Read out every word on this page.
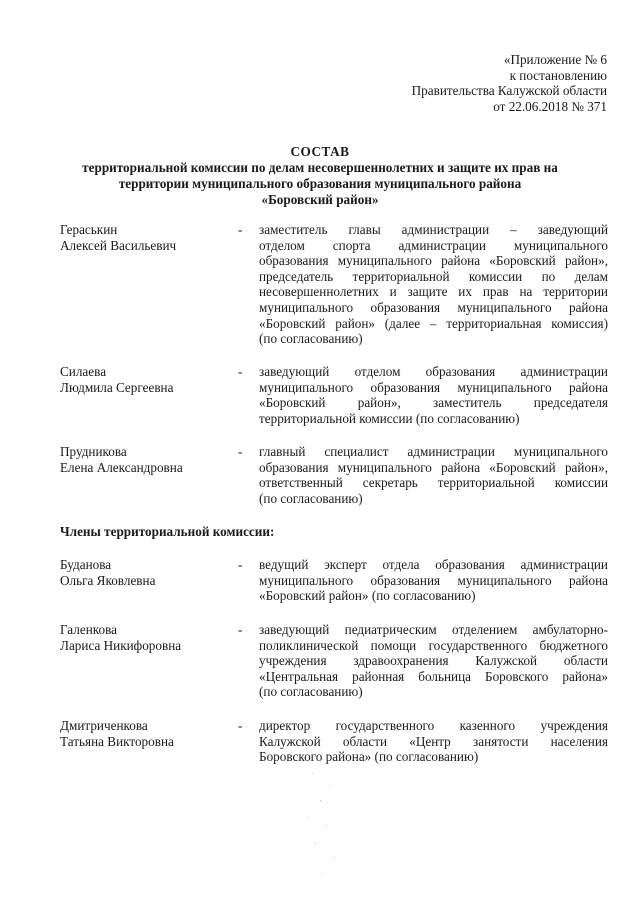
«Приложение № 6
к постановлению
Правительства Калужской области
от 22.06.2018 № 371
СОСТАВ
территориальной комиссии по делам несовершеннолетних и защите их прав на
территории муниципального образования муниципального района
«Боровский район»
Гераськин
Алексей Васильевич
- заместитель главы администрации – заведующий
отделом спорта администрации муниципального
образования муниципального района «Боровский район»,
председатель территориальной комиссии по делам
несовершеннолетних и защите их прав на территории
муниципального образования муниципального района
«Боровский район» (далее – территориальная комиссия)
(по согласованию)
Силаева
Людмила Сергеевна
- заведующий отделом образования администрации
муниципального образования муниципального района
«Боровский район», заместитель председателя
территориальной комиссии (по согласованию)
Прудникова
Елена Александровна
- главный специалист администрации муниципального
образования муниципального района «Боровский район»,
ответственный секретарь территориальной комиссии
(по согласованию)
Члены территориальной комиссии:
Буданова
Ольга Яковлевна
- ведущий эксперт отдела образования администрации
муниципального образования муниципального района
«Боровский район» (по согласованию)
Галенкова
Лариса Никифоровна
- заведующий педиатрическим отделением амбулаторно-
поликлинической помощи государственного бюджетного
учреждения здравоохранения Калужской области
«Центральная районная больница Боровского района»
(по согласованию)
Дмитриченкова
Татьяна Викторовна
- директор государственного казенного учреждения
Калужской области «Центр занятости населения
Боровского района» (по согласованию)
